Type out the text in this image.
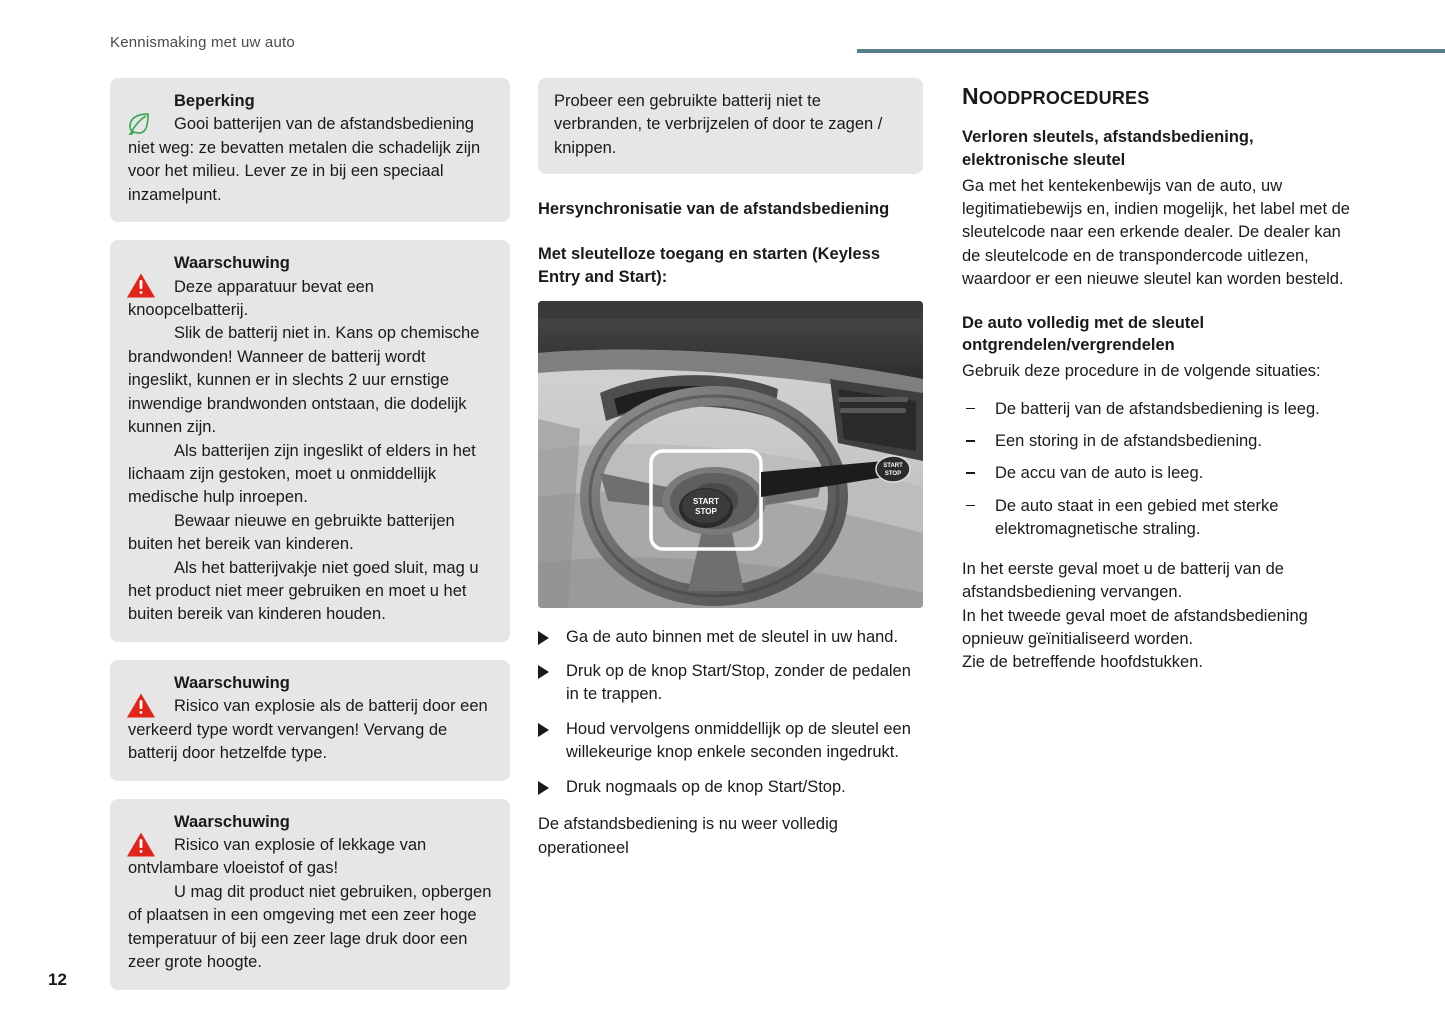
Kennismaking met uw auto
Beperking
Gooi batterijen van de afstandsbediening niet weg: ze bevatten metalen die schadelijk zijn voor het milieu. Lever ze in bij een speciaal inzamelpunt.
Waarschuwing
Deze apparatuur bevat een knoopcelbatterij.
Slik de batterij niet in. Kans op chemische brandwonden! Wanneer de batterij wordt ingeslikt, kunnen er in slechts 2 uur ernstige inwendige brandwonden ontstaan, die dodelijk kunnen zijn.
Als batterijen zijn ingeslikt of elders in het lichaam zijn gestoken, moet u onmiddellijk medische hulp inroepen.
Bewaar nieuwe en gebruikte batterijen buiten het bereik van kinderen.
Als het batterijvakje niet goed sluit, mag u het product niet meer gebruiken en moet u het buiten bereik van kinderen houden.
Waarschuwing
Risico van explosie als de batterij door een verkeerd type wordt vervangen! Vervang de batterij door hetzelfde type.
Waarschuwing
Risico van explosie of lekkage van ontvlambare vloeistof of gas!
U mag dit product niet gebruiken, opbergen of plaatsen in een omgeving met een zeer hoge temperatuur of bij een zeer lage druk door een zeer grote hoogte.
Probeer een gebruikte batterij niet te verbranden, te verbrijzelen of door te zagen / knippen.
Hersynchronisatie van de afstandsbediening
Met sleutelloze toegang en starten (Keyless Entry and Start):
START
STOP
START
STOP
Ga de auto binnen met de sleutel in uw hand.
Druk op de knop Start/Stop, zonder de pedalen in te trappen.
Houd vervolgens onmiddellijk op de sleutel een willekeurige knop enkele seconden ingedrukt.
Druk nogmaals op de knop Start/Stop.
De afstandsbediening is nu weer volledig operationeel
NOODPROCEDURES
Verloren sleutels, afstandsbediening, elektronische sleutel
Ga met het kentekenbewijs van de auto, uw legitimatiebewijs en, indien mogelijk, het label met de sleutelcode naar een erkende dealer. De dealer kan de sleutelcode en de transpondercode uitlezen, waardoor er een nieuwe sleutel kan worden besteld.
De auto volledig met de sleutel ontgrendelen/vergrendelen
Gebruik deze procedure in de volgende situaties:
De batterij van de afstandsbediening is leeg.
Een storing in de afstandsbediening.
De accu van de auto is leeg.
De auto staat in een gebied met sterke elektromagnetische straling.
In het eerste geval moet u de batterij van de afstandsbediening vervangen.
In het tweede geval moet de afstandsbediening opnieuw geïnitialiseerd worden.
Zie de betreffende hoofdstukken.
12
